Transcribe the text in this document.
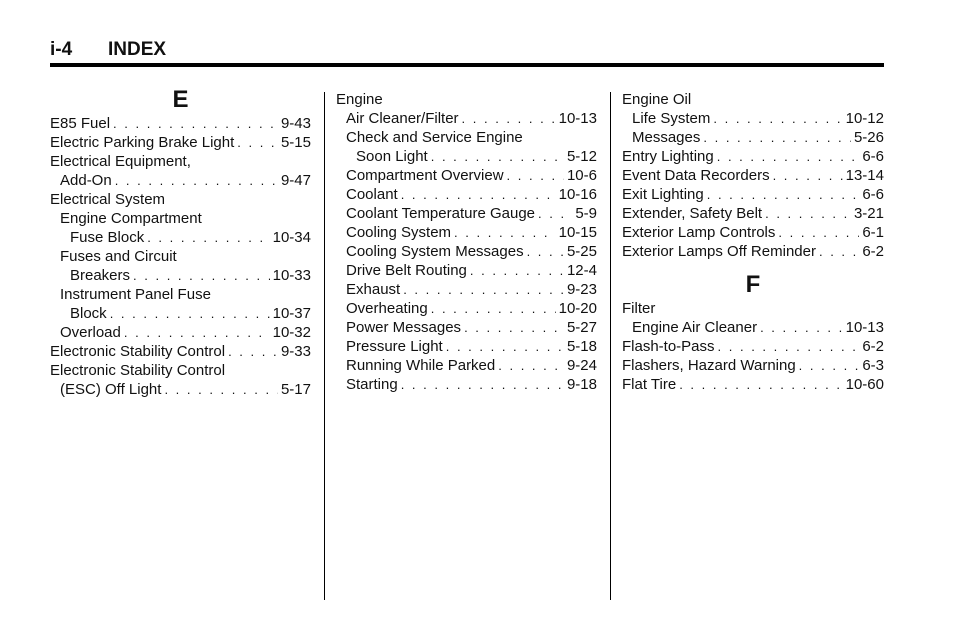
i-4 INDEX
E
E85 Fuel . . .	9-43
Electric Parking Brake Light . . .	5-15
Electrical Equipment,
Add-On . . .	9-47
Electrical System
Engine Compartment
Fuse Block . . .	10-34
Fuses and Circuit
Breakers . . .	10-33
Instrument Panel Fuse
Block . . .	10-37
Overload . . .	10-32
Electronic Stability Control . . .	9-33
Electronic Stability Control
(ESC) Off Light . . .	5-17
Engine
Air Cleaner/Filter . . .	10-13
Check and Service Engine
Soon Light . . .	5-12
Compartment Overview . . .	10-6
Coolant . . .	10-16
Coolant Temperature Gauge . . .	5-9
Cooling System . . .	10-15
Cooling System Messages . . .	5-25
Drive Belt Routing . . .	12-4
Exhaust . . .	9-23
Overheating . . .	10-20
Power Messages . . .	5-27
Pressure Light . . .	5-18
Running While Parked . . .	9-24
Starting . . .	9-18
Engine Oil
Life System . . .	10-12
Messages . . .	5-26
Entry Lighting . . .	6-6
Event Data Recorders . . .	13-14
Exit Lighting . . .	6-6
Extender, Safety Belt . . .	3-21
Exterior Lamp Controls . . .	6-1
Exterior Lamps Off Reminder . . .	6-2
F
Filter
Engine Air Cleaner . . .	10-13
Flash-to-Pass . . .	6-2
Flashers, Hazard Warning . . .	6-3
Flat Tire . . .	10-60
